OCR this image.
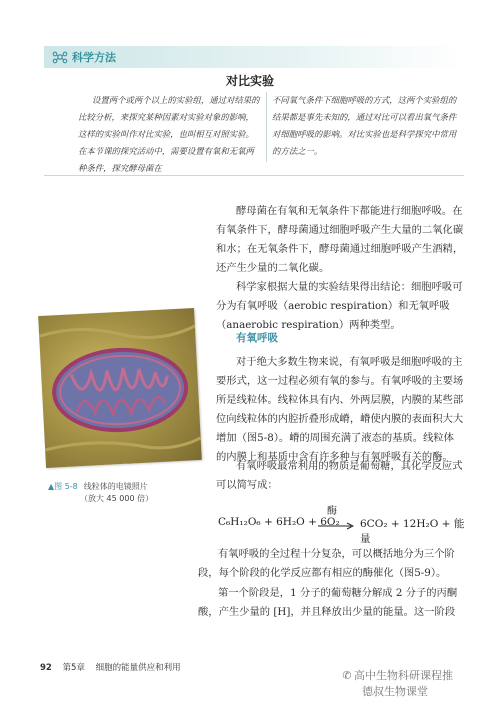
科学方法
对比实验
设置两个或两个以上的实验组，通过对结果的比较分析，来探究某种因素对实验对象的影响，这样的实验叫作对比实验，也叫相互对照实验。在本节课的探究活动中，需要设置有氧和无氧两种条件，探究酵母菌在
不同氧气条件下细胞呼吸的方式，这两个实验组的结果都是事先未知的，通过对比可以看出氧气条件对细胞呼吸的影响。对比实验也是科学探究中常用的方法之一。
酵母菌在有氧和无氧条件下都能进行细胞呼吸。在有氧条件下，酵母菌通过细胞呼吸产生大量的二氧化碳和水；在无氧条件下，酵母菌通过细胞呼吸产生酒精，还产生少量的二氧化碳。
科学家根据大量的实验结果得出结论：细胞呼吸可分为有氧呼吸（aerobic respiration）和无氧呼吸（anaerobic respiration）两种类型。
有氧呼吸
对于绝大多数生物来说，有氧呼吸是细胞呼吸的主要形式，这一过程必须有氧的参与。有氧呼吸的主要场所是线粒体。线粒体具有内、外两层膜，内膜的某些部位向线粒体的内腔折叠形成嵴，嵴使内膜的表面积大大增加（图5-8）。嵴的周围充满了液态的基质。线粒体的内膜上和基质中含有许多种与有氧呼吸有关的酶。
有氧呼吸最常利用的物质是葡萄糖，其化学反应式可以简写成：
▲图 5-8 线粒体的电镜照片
（放大 45 000 倍）
C₆H₁₂O₆ + 6H₂O + 6O₂
酶
→ 6CO₂ + 12H₂O + 能量
有氧呼吸的全过程十分复杂，可以概括地分为三个阶段，每个阶段的化学反应都有相应的酶催化（图5-9）。
第一个阶段是，1 分子的葡萄糖分解成 2 分子的丙酮酸，产生少量的 [H]，并且释放出少量的能量。这一阶段
92 第5章 细胞的能量供应和利用
✆ 高中生物科研课程推
德叔生物课堂
